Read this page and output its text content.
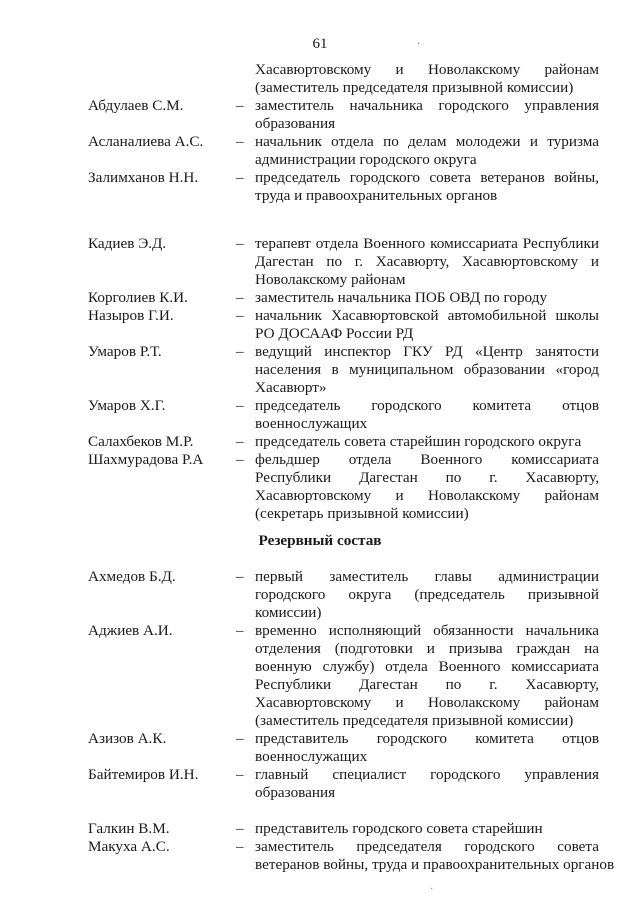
61
Хасавюртовскому и Новолакскому районам
(заместитель председателя призывной комиссии)
Абдулаев С.М.	– заместитель начальника городского управления
образования
Асланалиева А.С. – начальник отдела по делам молодежи и туризма
администрации городского округа
Залимханов Н.Н. – председатель городского совета ветеранов войны,
труда и правоохранительных органов
Кадиев Э.Д.	– терапевт отдела Военного комиссариата Республики
Дагестан по г. Хасавюрту, Хасавюртовскому и
Новолакскому районам
Корголиев К.И.	– заместитель начальника ПОБ ОВД по городу
Назыров Г.И.	– начальник Хасавюртовской автомобильной школы
РО ДОСААФ России РД
Умаров Р.Т.	– ведущий инспектор ГКУ РД «Центр занятости
населения в муниципальном образовании «город
Хасавюрт»
Умаров Х.Г.	– председатель городского комитета отцов
военнослужащих
Салахбеков М.Р.	– председатель совета старейшин городского округа
Шахмурадова Р.А – фельдшер отдела Военного комиссариата
Республики Дагестан по г. Хасавюрту,
Хасавюртовскому и Новолакскому районам
(секретарь призывной комиссии)
Ахмедов Б.Д.	– первый заместитель главы администрации
городского округа (председатель призывной
комиссии)
Аджиев А.И.	– временно исполняющий обязанности начальника
отделения (подготовки и призыва граждан на
военную службу) отдела Военного комиссариата
Республики Дагестан по г. Хасавюрту,
Хасавюртовскому и Новолакскому районам
(заместитель председателя призывной комиссии)
Азизов А.К.	– представитель городского комитета отцов
военнослужащих
Байтемиров И.Н. – главный специалист городского управления
образования
Галкин В.М.	– представитель городского совета старейшин
Макуха А.С.	– заместитель председателя городского совета
ветеранов войны, труда и правоохранительных органов
Резервный состав
·
·
